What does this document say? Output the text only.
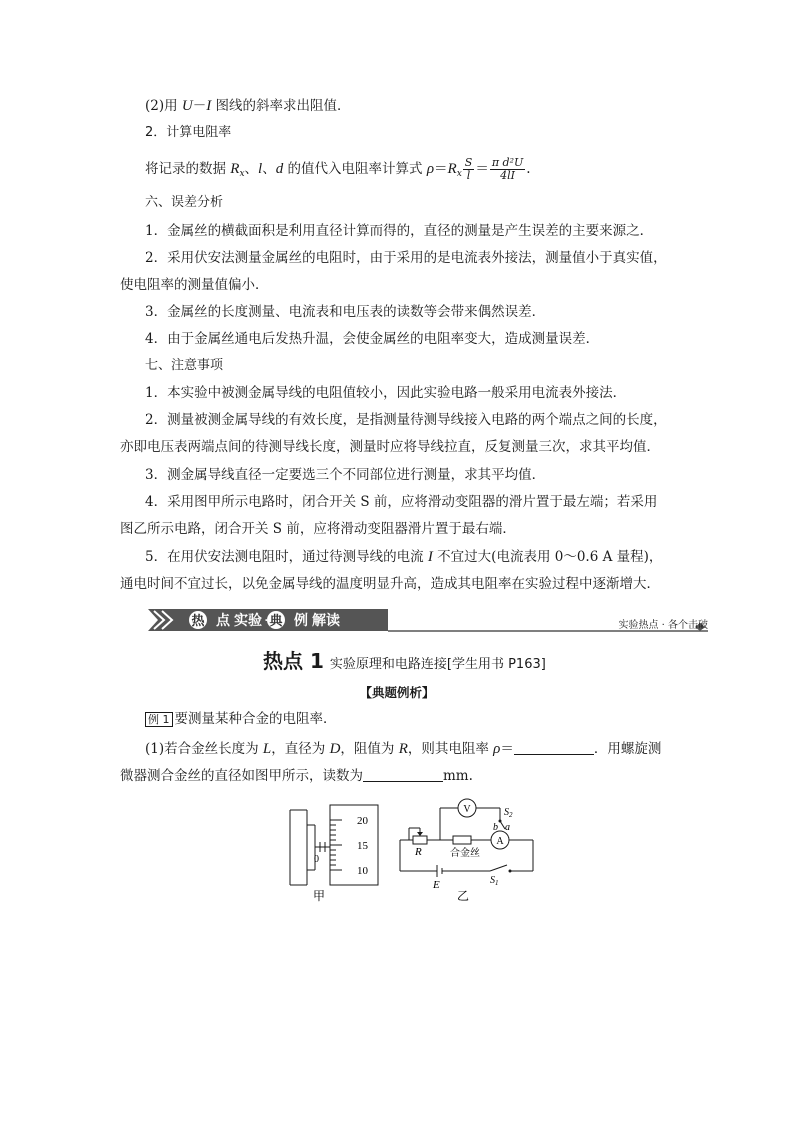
(2)用 U－I 图线的斜率求出阻值．
2．计算电阻率
将记录的数据 $R_x$、l、d 的值代入电阻率计算式 $\rho=R_x \frac{S}{l} = \frac{\text{π d²U}}{4lI}$ .
六、误差分析
1．金属丝的横截面积是利用直径计算而得的，直径的测量是产生误差的主要来源之．
2．采用伏安法测量金属丝的电阻时，由于采用的是电流表外接法，测量值小于真实值，
使电阻率的测量值偏小．
3．金属丝的长度测量、电流表和电压表的读数等会带来偶然误差．
4．由于金属丝通电后发热升温，会使金属丝的电阻率变大，造成测量误差．
七、注意事项
1．本实验中被测金属导线的电阻值较小，因此实验电路一般采用电流表外接法．
2．测量被测金属导线的有效长度，是指测量待测导线接入电路的两个端点之间的长度，
亦即电压表两端点间的待测导线长度，测量时应将导线拉直，反复测量三次，求其平均值．
3．测金属导线直径一定要选三个不同部位进行测量，求其平均值．
4．采用图甲所示电路时，闭合开关 S 前，应将滑动变阻器的滑片置于最左端；若采用
图乙所示电路，闭合开关 S 前，应将滑动变阻器滑片置于最右端．
5．在用伏安法测电阻时，通过待测导线的电流 I 不宜过大(电流表用 0～0.6 A 量程)，
通电时间不宜过长，以免金属导线的温度明显升高，造成其电阻率在实验过程中逐渐增大．
热 点 实验 · 典 例 解读	实验热点 · 各个击破
热点 1 实验原理和电路连接[学生用书 P163]
【典题例析】
例 1 要测量某种合金的电阻率．
(1)若合金丝长度为 L，直径为 D，阻值为 R，则其电阻率 ρ＝	．用螺旋测
微器测合金丝的直径如图甲所示，读数为	mm.
20
15
10
0
甲
V
A
$S_2$
a
b
R	合金丝
E	$S_1$
乙
